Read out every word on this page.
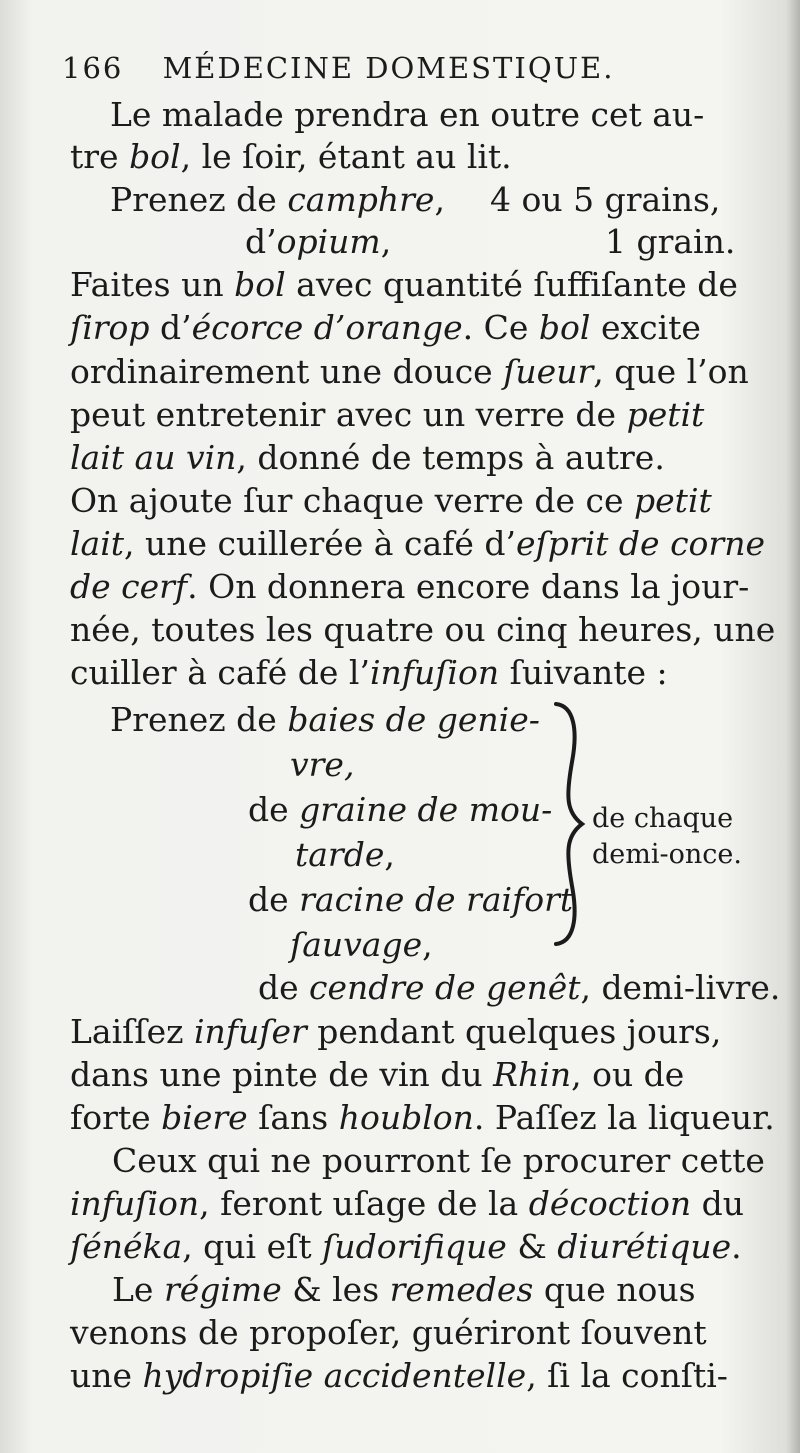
166 MÉDECINE DOMESTIQUE.
Le malade prendra en outre cet au-
tre bol, le ſoir, étant au lit.
Prenez de camphre, 4 ou 5 grains,
d’opium,	1 grain.
Faites un bol avec quantité ſuffiſante de
ſirop d’écorce d’orange. Ce bol excite
ordinairement une douce ſueur, que l’on
peut entretenir avec un verre de petit
lait au vin, donné de temps à autre.
On ajoute ſur chaque verre de ce petit
lait, une cuillerée à café d’eſprit de corne
de cerf. On donnera encore dans la jour-
née, toutes les quatre ou cinq heures, une
cuiller à café de l’infuſion ſuivante :
Prenez de baies de genie-
vre,
de graine de mou-
tarde,
de racine de raifort
ſauvage,
de chaque
demi-once.
de cendre de genêt, demi-livre.
Laiſſez infuſer pendant quelques jours,
dans une pinte de vin du Rhin, ou de
forte biere ſans houblon. Paſſez la liqueur.
Ceux qui ne pourront ſe procurer cette
infuſion, feront uſage de la décoction du
ſénéka, qui eſt ſudorifique & diurétique.
Le régime & les remedes que nous
venons de propoſer, guériront ſouvent
une hydropiſie accidentelle, ſi la conſti-
